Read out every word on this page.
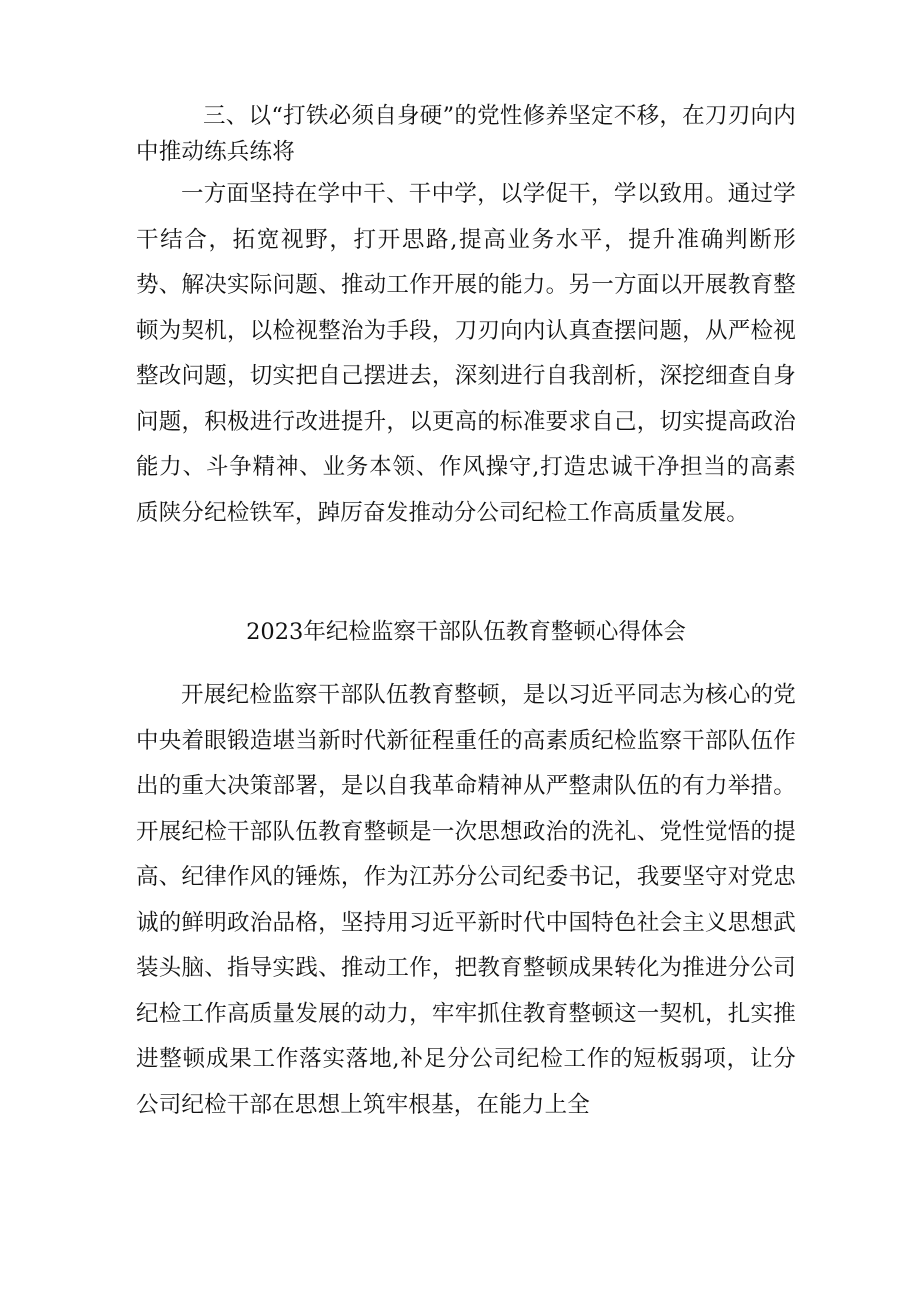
三、以“打铁必须自身硬”的党性修养坚定不移，在刀刃向内中推动练兵练将

一方面坚持在学中干、干中学，以学促干，学以致用。通过学干结合，拓宽视野，打开思路,提高业务水平，提升准确判断形势、解决实际问题、推动工作开展的能力。另一方面以开展教育整顿为契机，以检视整治为手段，刀刃向内认真查摆问题，从严检视整改问题，切实把自己摆进去，深刻进行自我剖析，深挖细查自身问题，积极进行改进提升，以更高的标准要求自己，切实提高政治能力、斗争精神、业务本领、作风操守,打造忠诚干净担当的高素质陕分纪检铁军，踔厉奋发推动分公司纪检工作高质量发展。

2023年纪检监察干部队伍教育整顿心得体会

开展纪检监察干部队伍教育整顿，是以习近平同志为核心的党中央着眼锻造堪当新时代新征程重任的高素质纪检监察干部队伍作出的重大决策部署，是以自我革命精神从严整肃队伍的有力举措。开展纪检干部队伍教育整顿是一次思想政治的洗礼、党性觉悟的提高、纪律作风的锤炼，作为江苏分公司纪委书记，我要坚守对党忠诚的鲜明政治品格，坚持用习近平新时代中国特色社会主义思想武装头脑、指导实践、推动工作，把教育整顿成果转化为推进分公司纪检工作高质量发展的动力，牢牢抓住教育整顿这一契机，扎实推进整顿成果工作落实落地,补足分公司纪检工作的短板弱项，让分公司纪检干部在思想上筑牢根基，在能力上全
